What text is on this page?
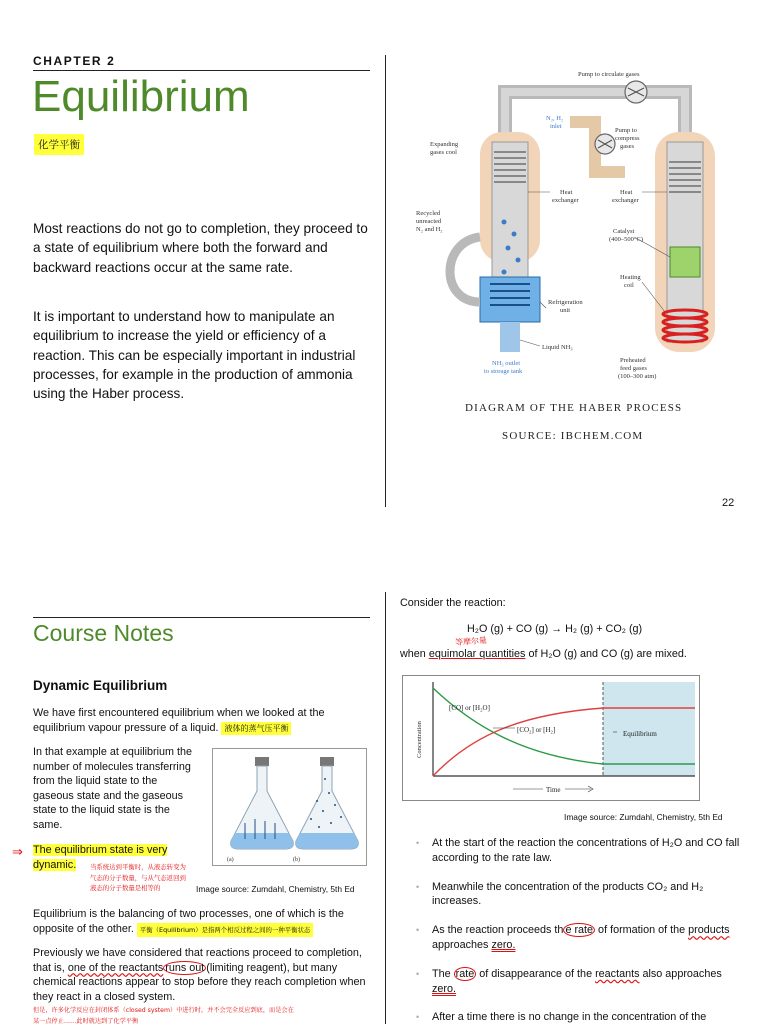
CHAPTER 2
Equilibrium
化学平衡
Most reactions do not go to completion, they proceed to a state of equilibrium where both the forward and backward reactions occur at the same rate.
It is important to understand how to manipulate an equilibrium to increase the yield or efficiency of a reaction. This can be especially important in industrial processes, for example in the production of ammonia using the Haber process.
Pump to circulate gases
N₂, H₂
inlet
Pump to
compress
gases
Expanding
gases cool
Heat
exchanger
Heat
exchanger
Recycled
unreacted
N₂ and H₂	Catalyst
(400–500°C)
Heating
coil
Refrigeration
unit
Liquid NH₃
Preheated
feed gases
(100–300 atm)
NH₃ outlet
to storage tank
DIAGRAM OF THE HABER PROCESS
SOURCE: IBCHEM.COM
22
Course Notes
Dynamic Equilibrium
We have first encountered equilibrium when we looked at the equilibrium vapour pressure of a liquid. 液体的蒸气压平衡
In that example at equilibrium the number of molecules transferring from the liquid state to the gaseous state and the gaseous state to the liquid state is the same.
(a)	(b)
⇒ The equilibrium state is very dynamic.	当系统达到平衡时，从液态转变为气态的分子数量，与从气态返回到液态的分子数量是相等的	Image source: Zumdahl, Chemistry, 5th Ed
Equilibrium is the balancing of two processes, one of which is the opposite of the other. 平衡（Equilibrium）是指两个相反过程之间的一种平衡状态
Previously we have considered that reactions proceed to completion, that is, one of the reactants runs out (limiting reagent), but many chemical reactions appear to stop before they reach completion when they react in a closed system.
但是，许多化学反应在封闭体系（closed system）中进行时，并不会完全反应到底，而是会在
某一点停止……此时就达到了化学平衡
Consider the reaction:
H₂O (g) + CO (g) → H₂ (g) + CO₂ (g)
等摩尔量
when equimolar quantities of H₂O (g) and CO (g) are mixed.
[CO] or [H₂O]
[CO₂] or [H₂]	Equilibrium
Concentration
Time
Image source: Zumdahl, Chemistry, 5th Ed
• At the start of the reaction the concentrations of H₂O and CO fall according to the rate law.
• Meanwhile the concentration of the products CO₂ and H₂ increases.
• As the reaction proceeds th e rate of formation of the products approaches zero.
• The rate of disappearance of the reactants also approaches zero.
• After a time there is no change in the concentration of the
